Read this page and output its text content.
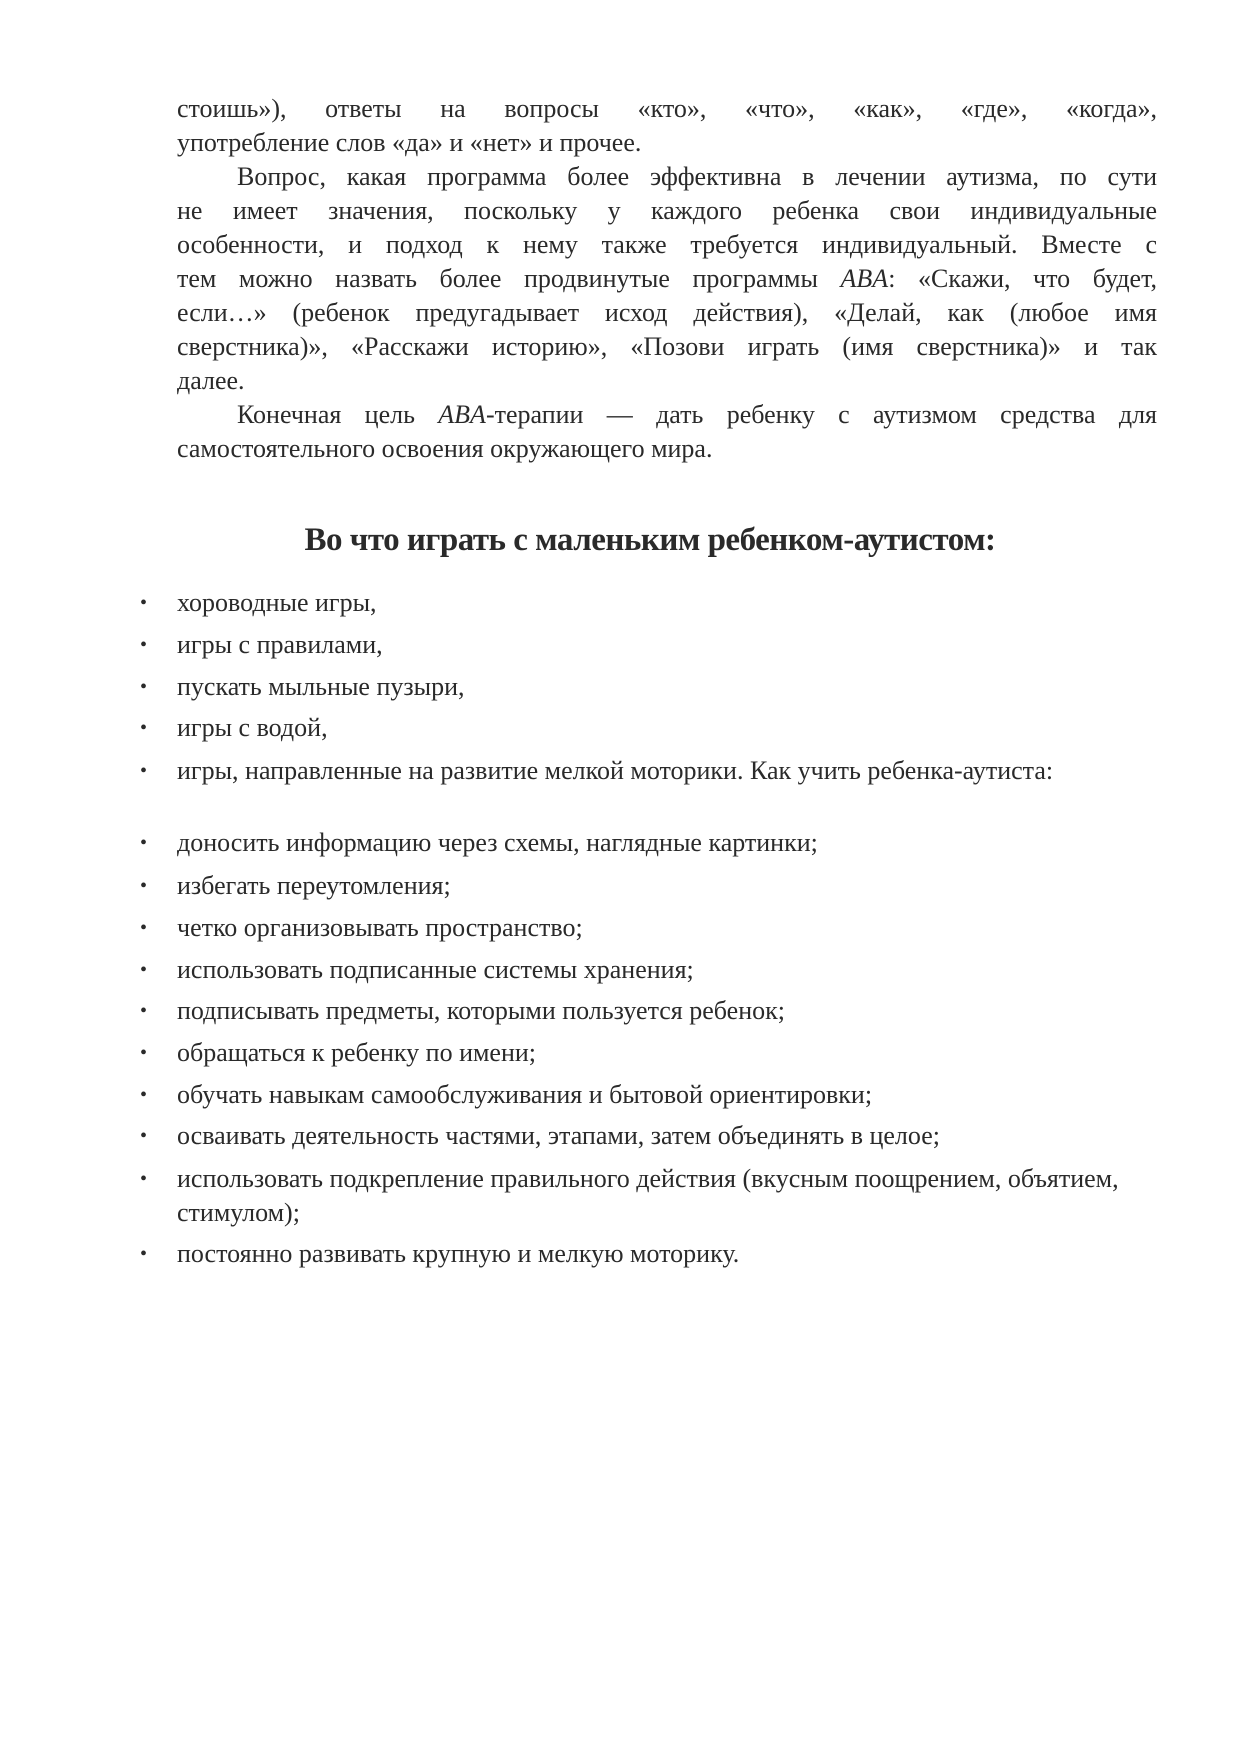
стоишь»), ответы на вопросы «кто», «что», «как», «где», «когда»,
употребление слов «да» и «нет» и прочее.
Вопрос, какая программа более эффективна в лечении аутизма, по сути
не имеет значения, поскольку у каждого ребенка свои индивидуальные
особенности, и подход к нему также требуется индивидуальный. Вместе с
тем можно назвать более продвинутые программы ABA: «Скажи, что будет,
если…» (ребенок предугадывает исход действия), «Делай, как (любое имя
сверстника)», «Расскажи историю», «Позови играть (имя сверстника)» и так
далее.
Конечная цель ABA-терапии — дать ребенку с аутизмом средства для
самостоятельного освоения окружающего мира.
Во что играть с маленьким ребенком-аутистом:
• хороводные игры,
• игры с правилами,
• пускать мыльные пузыри,
• игры с водой,
• игры, направленные на развитие мелкой моторики. Как учить ребенка-аутиста:
• доносить информацию через схемы, наглядные картинки;
• избегать переутомления;
• четко организовывать пространство;
• использовать подписанные системы хранения;
• подписывать предметы, которыми пользуется ребенок;
• обращаться к ребенку по имени;
• обучать навыкам самообслуживания и бытовой ориентировки;
• осваивать деятельность частями, этапами, затем объединять в целое;
• использовать подкрепление правильного действия (вкусным поощрением, объятием, стимулом);
• постоянно развивать крупную и мелкую моторику.
